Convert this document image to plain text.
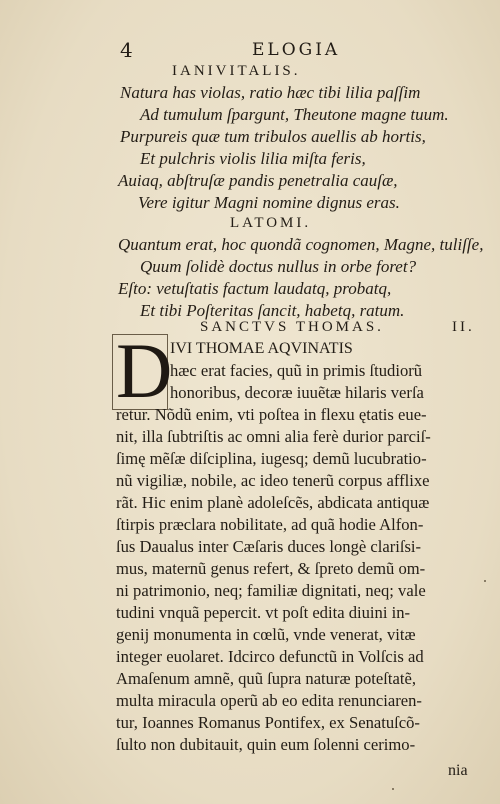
4	ELOGIA
IANIVITALIS.
Natura has violas, ratio hæc tibi lilia paſſim
Ad tumulum ſpargunt, Theutone magne tuum.
Purpureis quæ tum tribulos auellis ab hortis,
Et pulchris violis lilia miſta feris,
Auiaq, abſtruſæ pandis penetralia cauſæ,
Vere igitur Magni nomine dignus eras.
LATOMI.
Quantum erat, hoc quondã cognomen, Magne, tuliſſe,
Quum ſolidè doctus nullus in orbe foret?
Eſto: vetuſtatis factum laudatq, probatq,
Et tibi Poſteritas ſancit, habetq, ratum.
SANCTVS THOMAS.	II.
D
IVI THOMAE AQVINATIS
hæc erat facies, quũ in primis ſtudiorũ
honoribus, decoræ iuuẽtæ hilaris verſa
retur. Nõdũ enim, vti poſtea in flexu ętatis eue-
nit, illa ſubtriſtis ac omni alia ferè durior parciſ-
ſimę mẽſæ diſciplina, iugesq; demũ lucubratio-
nũ vigiliæ, nobile, ac ideo tenerũ corpus afflixe
rãt. Hic enim planè adoleſcẽs, abdicata antiquæ
ſtirpis præclara nobilitate, ad quã hodie Alfon-
ſus Daualus inter Cæſaris duces longè clariſsi-
mus, maternũ genus refert, & ſpreto demũ om-
ni patrimonio, neq; familiæ dignitati, neq; vale
tudini vnquã pepercit. vt poſt edita diuini in-
genij monumenta in cœlũ, vnde venerat, vitæ
integer euolaret. Idcirco defunctũ in Volſcis ad
Amaſenum amnẽ, quũ ſupra naturæ poteſtatẽ,
multa miracula operũ ab eo edita renunciaren-
tur, Ioannes Romanus Pontifex, ex Senatuſcõ-
ſulto non dubitauit, quin eum ſolenni cerimo-
nia
